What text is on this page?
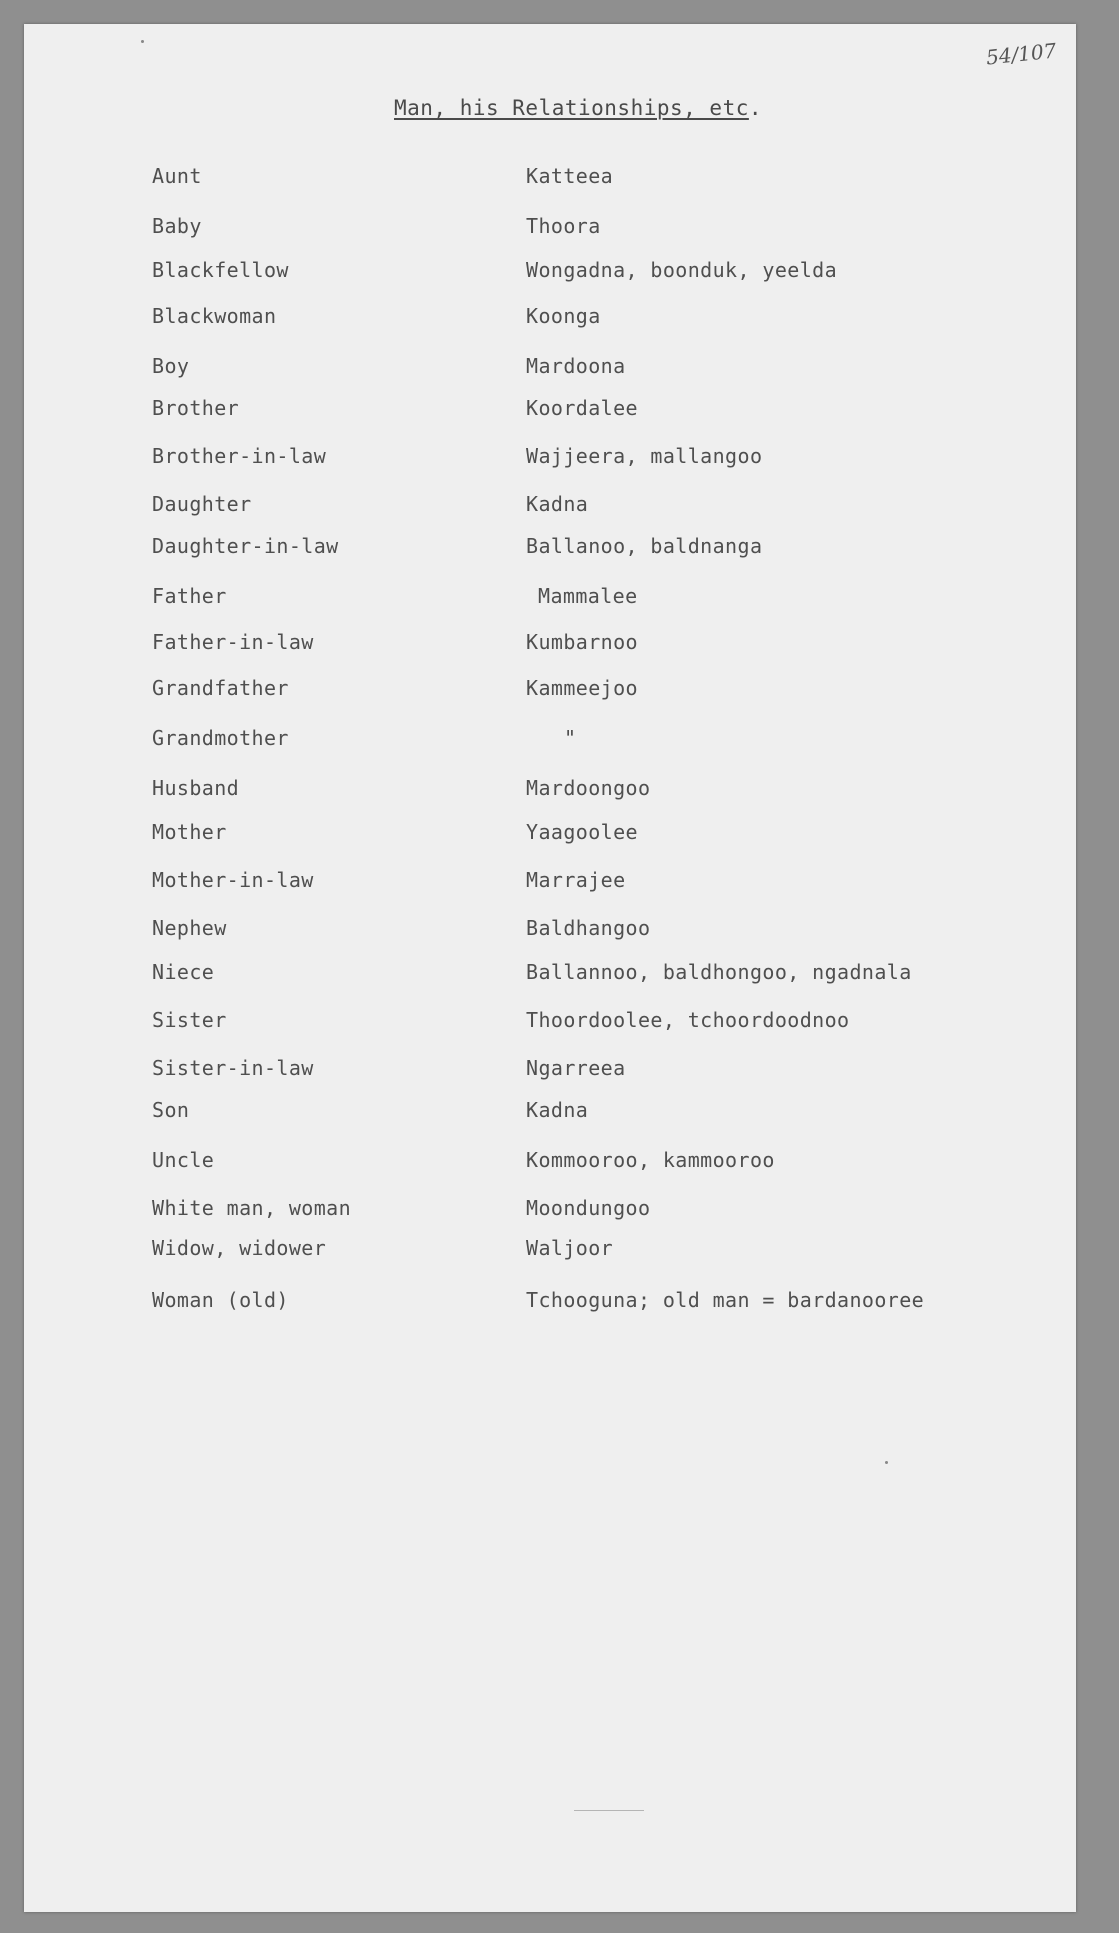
54/107
Man, his Relationships, etc.
Aunt	Katteea
Baby	Thoora
Blackfellow	Wongadna, boonduk, yeelda
Blackwoman	Koonga
Boy	Mardoona
Brother	Koordalee
Brother-in-law	Wajjeera, mallangoo
Daughter	Kadna
Daughter-in-law	Ballanoo, baldnanga
Father	Mammalee
Father-in-law	Kumbarnoo
Grandfather	Kammeejoo
Grandmother	"
Husband	Mardoongoo
Mother	Yaagoolee
Mother-in-law	Marrajee
Nephew	Baldhangoo
Niece	Ballannoo, baldhongoo, ngadnala
Sister	Thoordoolee, tchoordoodnoo
Sister-in-law	Ngarreea
Son	Kadna
Uncle	Kommooroo, kammooroo
White man, woman	Moondungoo
Widow, widower	Waljoor
Woman (old)	Tchooguna; old man = bardanooree
